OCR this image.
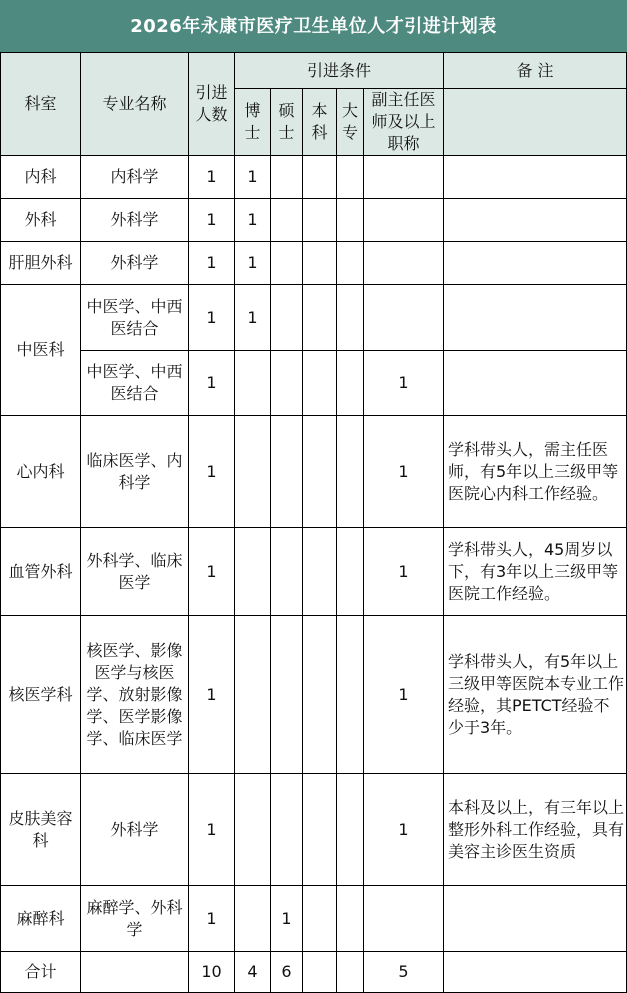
2026年永康市医疗卫生单位人才引进计划表								
科室	专业名称	引进人数	引进条件					备 注
			博士	硕士	本科	大专	副主任医师及以上职称	
内科	内科学	1	1					
外科	外科学	1	1					
肝胆外科	外科学	1	1					
中医科	中医学、中西医结合	1	1					
	中医学、中西医结合	1					1	
心内科	临床医学、内科学	1					1	学科带头人，需主任医师，有5年以上三级甲等医院心内科工作经验。
血管外科	外科学、临床医学	1					1	学科带头人，45周岁以下，有3年以上三级甲等医院工作经验。
核医学科	核医学、影像医学与核医学、放射影像学、医学影像学、临床医学	1					1	学科带头人，有5年以上三级甲等医院本专业工作经验，其PETCT经验不少于3年。
皮肤美容科	外科学	1					1	本科及以上，有三年以上整形外科工作经验，具有美容主诊医生资质
麻醉科	麻醉学、外科学	1		1				
合计		10	4	6			5	
